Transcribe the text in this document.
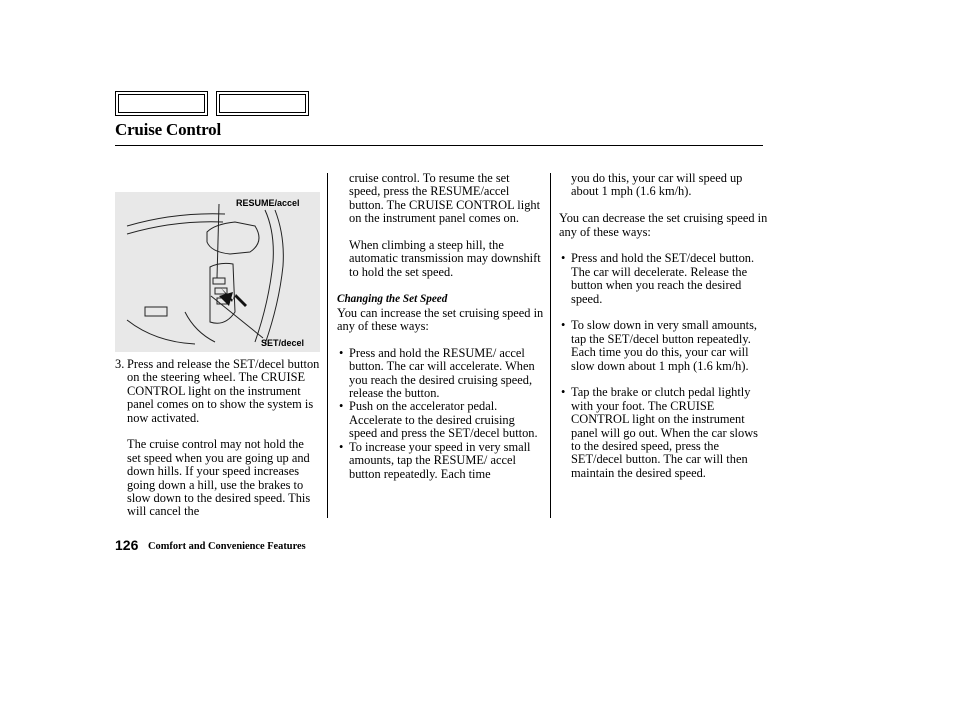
Cruise Control
RESUME/accel
SET/decel
3. Press and release the SET/decel button on the steering wheel. The CRUISE CONTROL light on the instrument panel comes on to show the system is now activated.

The cruise control may not hold the set speed when you are going up and down hills. If your speed increases going down a hill, use the brakes to slow down to the desired speed. This will cancel the

cruise control. To resume the set speed, press the RESUME/accel button. The CRUISE CONTROL light on the instrument panel comes on.

When climbing a steep hill, the automatic transmission may downshift to hold the set speed.

Changing the Set Speed

You can increase the set cruising speed in any of these ways:

• Press and hold the RESUME/ accel button. The car will accelerate. When you reach the desired cruising speed, release the button.

• Push on the accelerator pedal. Accelerate to the desired cruising speed and press the SET/decel button.

• To increase your speed in very small amounts, tap the RESUME/ accel button repeatedly. Each time

you do this, your car will speed up about 1 mph (1.6 km/h).

You can decrease the set cruising speed in any of these ways:

• Press and hold the SET/decel button. The car will decelerate. Release the button when you reach the desired speed.

• To slow down in very small amounts, tap the SET/decel button repeatedly. Each time you do this, your car will slow down about 1 mph (1.6 km/h).

• Tap the brake or clutch pedal lightly with your foot. The CRUISE CONTROL light on the instrument panel will go out. When the car slows to the desired speed, press the SET/decel button. The car will then maintain the desired speed.

126 Comfort and Convenience Features
